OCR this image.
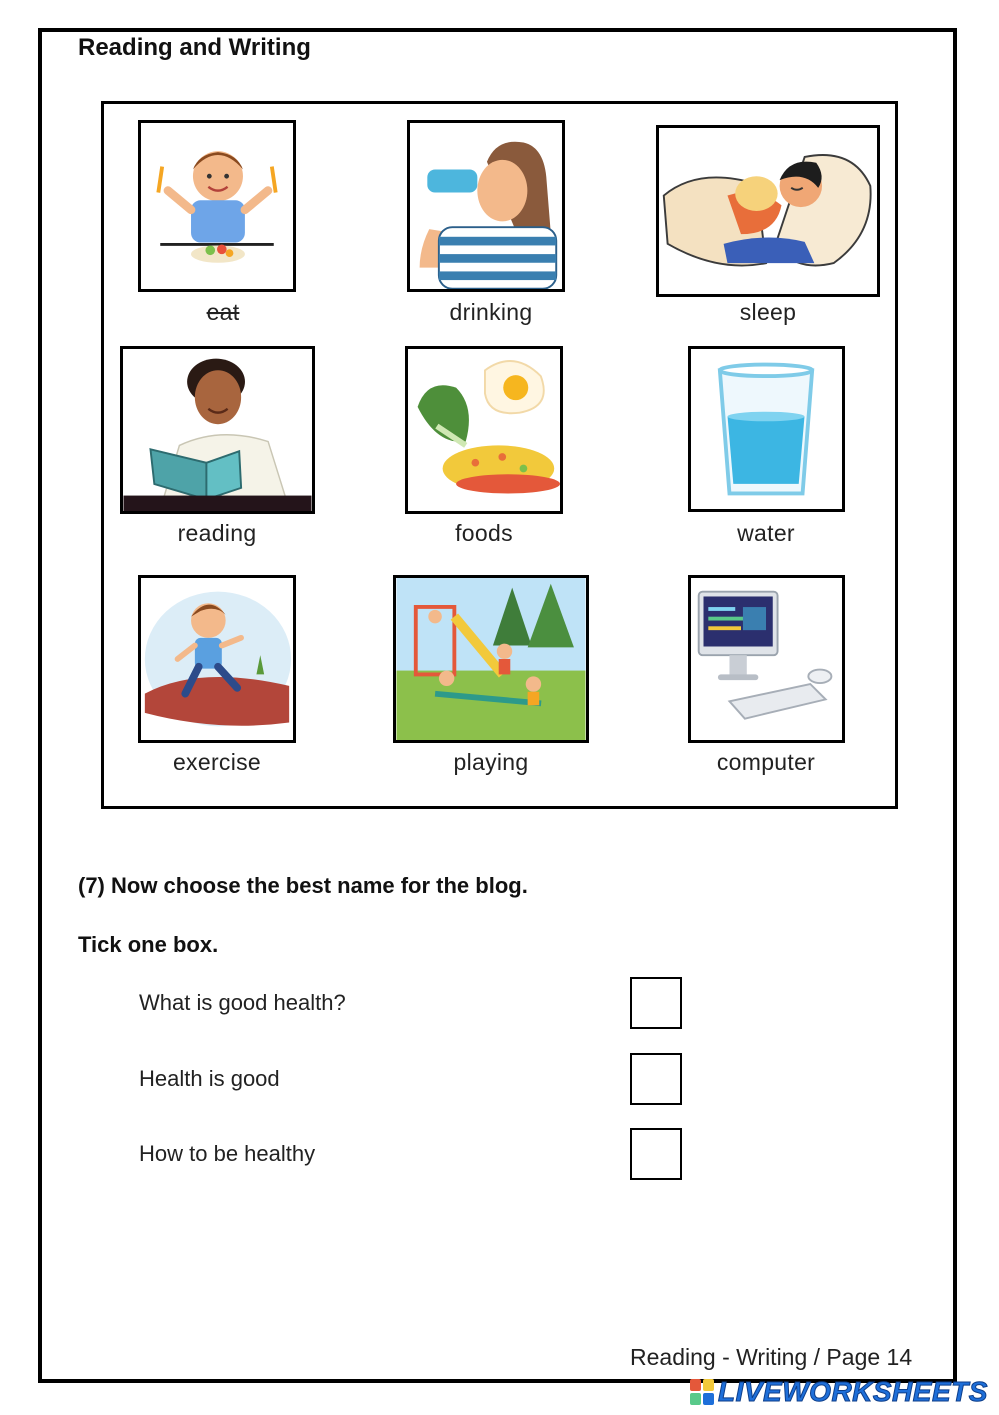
Reading and Writing
eat	drinking	sleep
reading	foods	water
exercise	playing	computer
(7) Now choose the best name for the blog.
Tick one box.
What is good health?
Health is good
How to be healthy
Reading - Writing / Page 14
LIVEWORKSHEETS
